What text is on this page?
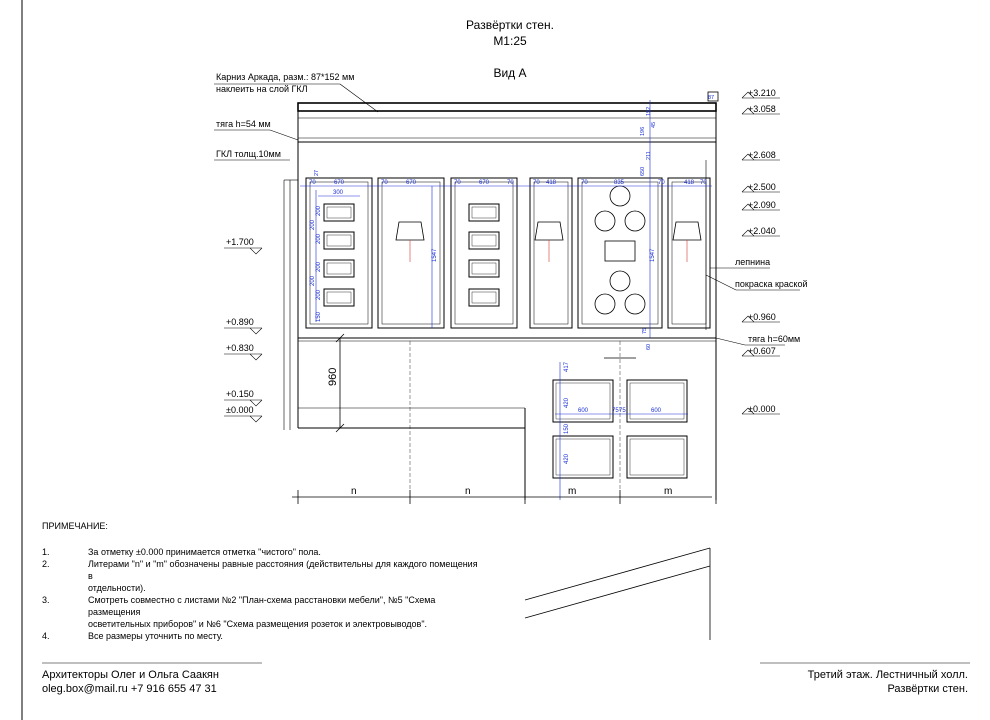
Развёртки стен.
М1:25
Вид А
Карниз Аркада, разм.: 87*152 мм
наклеить на слой ГКЛ
тяга h=54 мм
ГКЛ толщ.10мм
лепнина
покраска краской
тяга h=60мм
+3.210
+3.058
+2.608
+2.500
+2.090
+2.040
+0.960
+0.607
±0.000
+1.700
+0.890
+0.830
+0.150
±0.000
70	670	70	670	70	670	70	70 418	70	835	70	418 70
300
200
200
200
200
200
200
150
1547	1547
27
152
45
196
211
650
87
60
75
960
417
420
150
420
600	75 75	600
n	n	m	m
ПРИМЕЧАНИЕ:
1.	За отметку ±0.000 принимается отметка "чистого" пола.
2.	Литерами "n" и "m" обозначены равные расстояния (действительны для каждого помещения в
отдельности).
3.	Смотреть совместно с листами №2 "План-схема расстановки мебели", №5 "Схема размещения
осветительных приборов" и №6 "Схема размещения розеток и электровыводов".
4.	Все размеры уточнить по месту.
Архитекторы Олег и Ольга Саакян
oleg.box@mail.ru +7 916 655 47 31
Третий этаж. Лестничный холл.
Развёртки стен.
